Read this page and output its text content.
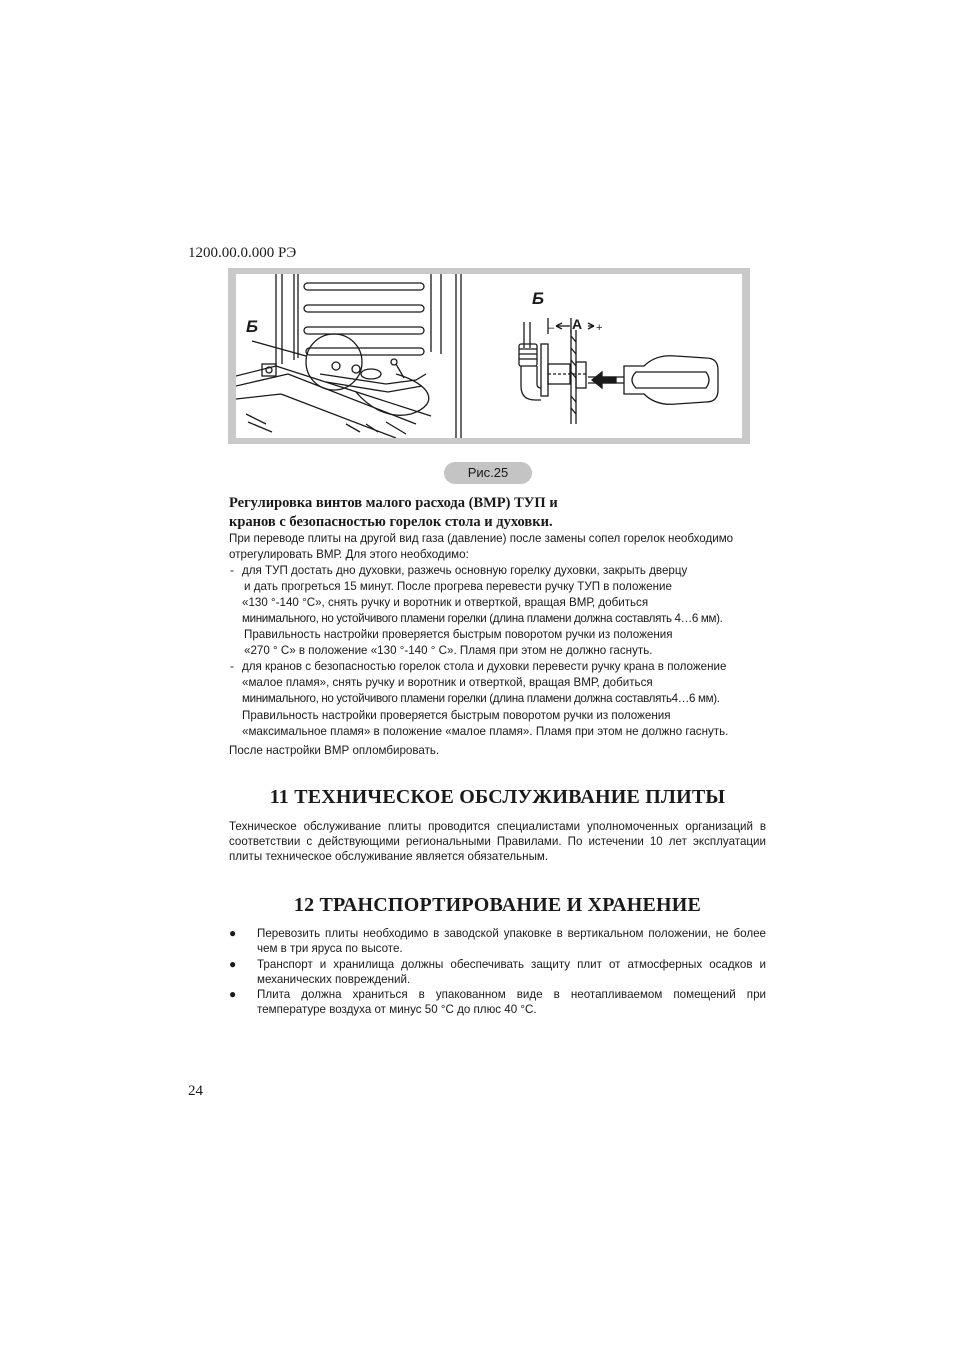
1200.00.0.000 РЭ
Б
Б
– А +
Рис.25
Регулировка винтов малого расхода (ВМР) ТУП и
кранов с безопасностью горелок стола и духовки.
При переводе плиты на другой вид газа (давление) после замены сопел горелок необходимо
отрегулировать ВМР. Для этого необходимо:
- для ТУП достать дно духовки, разжечь основную горелку духовки, закрыть дверцу
и дать прогреться 15 минут. После прогрева перевести ручку ТУП в положение
«130 °-140 °С», снять ручку и воротник и отверткой, вращая ВМР, добиться
минимального, но устойчивого пламени горелки (длина пламени должна составлять 4…6 мм).
Правильность настройки проверяется быстрым поворотом ручки из положения
«270 ° С» в положение «130 °-140 ° С». Пламя при этом не должно гаснуть.
- для кранов с безопасностью горелок стола и духовки перевести ручку крана в положение
«малое пламя», снять ручку и воротник и отверткой, вращая ВМР, добиться
минимального, но устойчивого пламени горелки (длина пламени должна составлять4…6 мм).
Правильность настройки проверяется быстрым поворотом ручки из положения
«максимальное пламя» в положение «малое пламя». Пламя при этом не должно гаснуть.
После настройки ВМР опломбировать.
11 ТЕХНИЧЕСКОЕ ОБСЛУЖИВАНИЕ ПЛИТЫ
Техническое обслуживание плиты проводится специалистами уполномоченных организаций в соответствии с действующими региональными Правилами. По истечении 10 лет эксплуатации плиты техническое обслуживание является обязательным.
12 ТРАНСПОРТИРОВАНИЕ И ХРАНЕНИЕ
● Перевозить плиты необходимо в заводской упаковке в вертикальном положении, не более чем в три яруса по высоте.
● Транспорт и хранилища должны обеспечивать защиту плит от атмосферных осадков и механических повреждений.
● Плита должна храниться в упакованном виде в неотапливаемом помещений при температуре воздуха от минус 50 °С до плюс 40 °С.
24
